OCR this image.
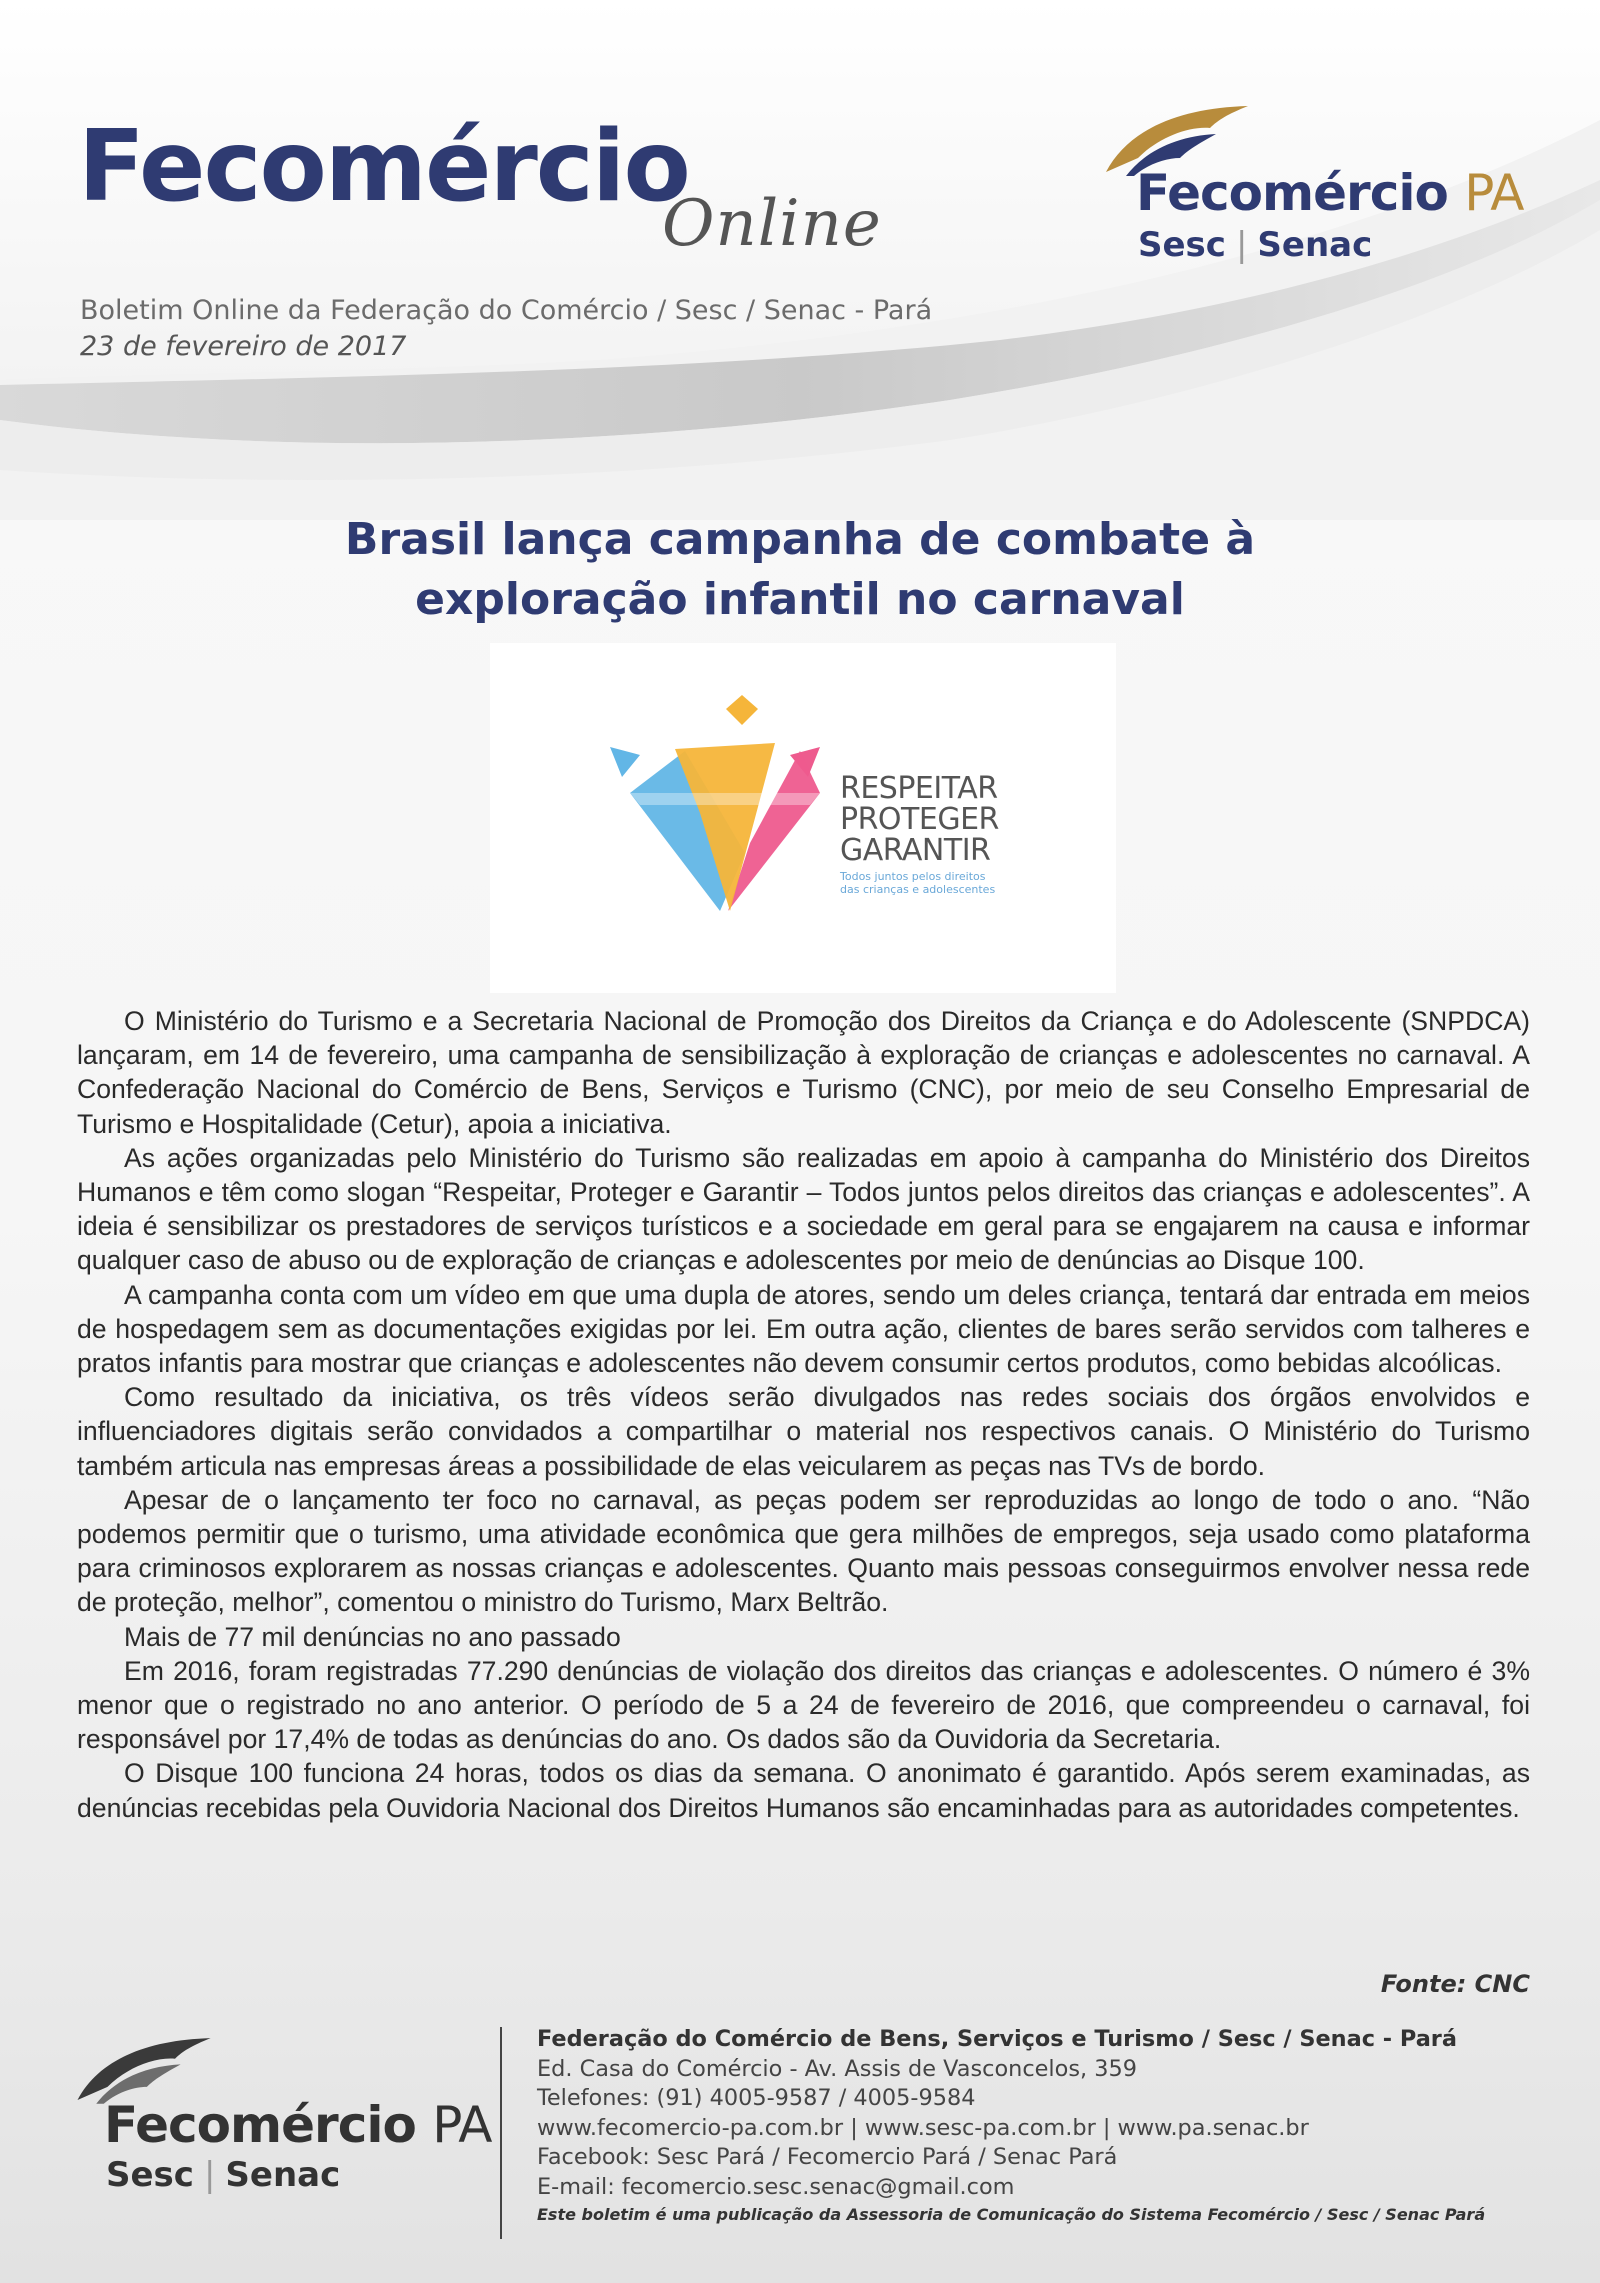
Fecomércio
Online
Boletim Online da Federação do Comércio / Sesc / Senac - Pará
23 de fevereiro de 2017
Fecomércio PA
Sesc | Senac
Brasil lança campanha de combate à
exploração infantil no carnaval
RESPEITAR
PROTEGER
GARANTIR
Todos juntos pelos direitos
das crianças e adolescentes

O Ministério do Turismo e a Secretaria Nacional de Promoção dos Direitos da Criança e do Adolescente (SNPDCA) lançaram, em 14 de fevereiro, uma campanha de sensibilização à exploração de crianças e adolescentes no carnaval. A Confederação Nacional do Comércio de Bens, Serviços e Turismo (CNC), por meio de seu Conselho Empresarial de Turismo e Hospitalidade (Cetur), apoia a iniciativa.

As ações organizadas pelo Ministério do Turismo são realizadas em apoio à campanha do Ministério dos Direitos Humanos e têm como slogan “Respeitar, Proteger e Garantir – Todos juntos pelos direitos das crianças e adolescentes”. A ideia é sensibilizar os prestadores de serviços turísticos e a sociedade em geral para se engajarem na causa e informar qualquer caso de abuso ou de exploração de crianças e adolescentes por meio de denúncias ao Disque 100.

A campanha conta com um vídeo em que uma dupla de atores, sendo um deles criança, tentará dar entrada em meios de hospedagem sem as documentações exigidas por lei. Em outra ação, clientes de bares serão servidos com talheres e pratos infantis para mostrar que crianças e adolescentes não devem consumir certos produtos, como bebidas alcoólicas.

Como resultado da iniciativa, os três vídeos serão divulgados nas redes sociais dos órgãos envolvidos e influenciadores digitais serão convidados a compartilhar o material nos respectivos canais. O Ministério do Turismo também articula nas empresas áreas a possibilidade de elas veicularem as peças nas TVs de bordo.

Apesar de o lançamento ter foco no carnaval, as peças podem ser reproduzidas ao longo de todo o ano. “Não podemos permitir que o turismo, uma atividade econômica que gera milhões de empregos, seja usado como plataforma para criminosos explorarem as nossas crianças e adolescentes. Quanto mais pessoas conseguirmos envolver nessa rede de proteção, melhor”, comentou o ministro do Turismo, Marx Beltrão.

Mais de 77 mil denúncias no ano passado

Em 2016, foram registradas 77.290 denúncias de violação dos direitos das crianças e adolescentes. O número é 3% menor que o registrado no ano anterior. O período de 5 a 24 de fevereiro de 2016, que compreendeu o carnaval, foi responsável por 17,4% de todas as denúncias do ano. Os dados são da Ouvidoria da Secretaria.

O Disque 100 funciona 24 horas, todos os dias da semana. O anonimato é garantido. Após serem examinadas, as denúncias recebidas pela Ouvidoria Nacional dos Direitos Humanos são encaminhadas para as autoridades competentes.

Fonte: CNC
Fecomércio PA
Sesc | Senac
Federação do Comércio de Bens, Serviços e Turismo / Sesc / Senac - Pará
Ed. Casa do Comércio - Av. Assis de Vasconcelos, 359
Telefones: (91) 4005-9587 / 4005-9584
www.fecomercio-pa.com.br | www.sesc-pa.com.br | www.pa.senac.br
Facebook: Sesc Pará / Fecomercio Pará / Senac Pará
E-mail: fecomercio.sesc.senac@gmail.com
Este boletim é uma publicação da Assessoria de Comunicação do Sistema Fecomércio / Sesc / Senac Pará
